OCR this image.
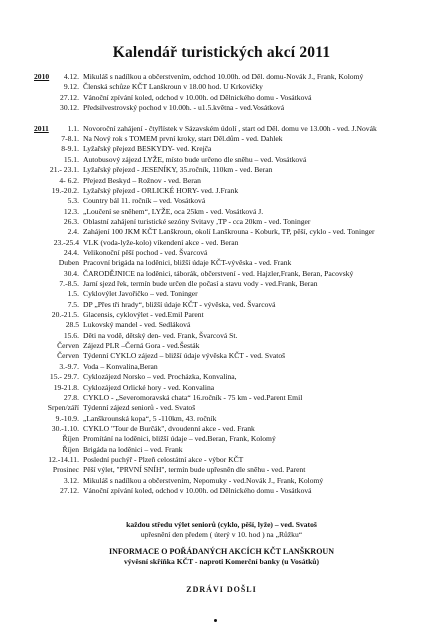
Kalendář turistických akcí 2011
2010 4.12. Mikuláš s nadílkou a občerstvením, odchod 10.00h. od Děl. domu-Novák J., Frank, Kolomý
9.12. Členská schůze KČT Lanškroun v 18.00 hod. U Krkovičky
27.12. Vánoční zpívání koled, odchod v 10.00h. od Dělnického domu - Vosátková
30.12. Předsilvestrovský pochod v 10.00h. - u1.5.května - ved.Vosátková
2011 1.1. Novoroční zahájení - čtyřlístek v Sázavském údolí , start od Děl. domu ve 13.00h - ved. J.Novák
7-8.1. Na Nový rok s TOMEM první kroky, start Děl.dům - ved. Dahlek
8-9.1. Lyžařský přejezd BESKYDY- ved. Krejča
15.1. Autobusový zájezd LYŽE, místo bude určeno dle sněhu – ved. Vosátková
21.- 23.1. Lyžařský přejezd - JESENÍKY, 35.ročník, 110km - ved. Beran
4- 6.2. Přejezd Beskyd – Rožnov - ved. Beran
19.-20.2. Lyžařský přejezd - ORLICKÉ HORY- ved. J.Frank
5.3. Country bál 11. ročník – ved. Vosátková
12.3. „Loučení se sněhem“, LYŽE, oca 25km - ved. Vosátková J.
26.3. Oblastní zahájení turistické sezóny Svitavy ,TP - cca 20km - ved. Toninger
2.4. Zahájení 100 JKM KČT Lanškroun, okolí Lanškrouna - Koburk, TP, pěší, cyklo - ved. Toninger
23.-25.4 VLK (voda-lyže-kolo) víkendení akce - ved. Beran
24.4. Velikonoční pěší pochod - ved. Švarcová
Duben Pracovní brigáda na loděnici, bližší údaje KČT-vývěska - ved. Frank
30.4. ČARODĚJNICE na loděnici, táborák, občerstvení - ved. Hajzler,Frank, Beran, Pacovský
7.-8.5. Jarní sjezd řek, termín bude určen dle počasí a stavu vody - ved.Frank, Beran
1.5. Cyklovýlet Javořičko – ved. Toninger
7.5. DP „Přes tři hrady“, bližší údaje KČT - vývěska, ved. Švarcová
20.-21.5. Glacensis, cyklovýlet - ved.Emil Parent
28.5 Lukovský mandel - ved. Sedláková
15.6. Děti na vodě, dětský den- ved. Frank, Švarcová St.
Červen Zájezd PLR –Černá Gora - ved.Šesták
Červen Týdenní CYKLO zájezd – bližší údaje vývěska KČT - ved. Svatoš
3.-9.7. Voda – Konvalina,Beran
15.- 29.7. Cyklozájezd Norsko – ved. Procházka, Konvalina,
19-21.8. Cyklozájezd Orlické hory - ved. Konvalina
27.8. CYKLO - „Severomoravská chata“ 16.ročník - 75 km - ved.Parent Emil
Srpen/září Týdenní zájezd seniorů - ved. Svatoš
9.-10.9. „Lanškrounská kopa“, 5 -110km, 43. ročník
30.-1.10. CYKLO "Tour de Burčák", dvoudenní akce - ved. Frank
Říjen Promítání na loděnici, bližší údaje – ved.Beran, Frank, Kolomý
Říjen Brigáda na loděnici – ved. Frank
12.-14.11. Poslední puchýř - Plzeň celostátní akce - výbor KČT
Prosinec Pěší výlet, "PRVNÍ SNÍH", termín bude upřesněn dle sněhu - ved. Parent
3.12. Mikuláš s nadílkou a občerstvením, Nepomuky - ved.Novák J., Frank, Kolomý
27.12. Vánoční zpívání koled, odchod v 10.00h. od Dělnického domu - Vosátková
každou středu výlet seniorů (cyklo, pěší, lyže) – ved. Svatoš
upřesnění den předem ( úterý v 10. hod ) na „Růžku“
INFORMACE O POŘÁDANÝCH AKCÍCH KČT LANŠKROUN
vývěsní skříňka KČT - naproti Komerční banky (u Vosátků)
ZDRÁVI DOŠLI
